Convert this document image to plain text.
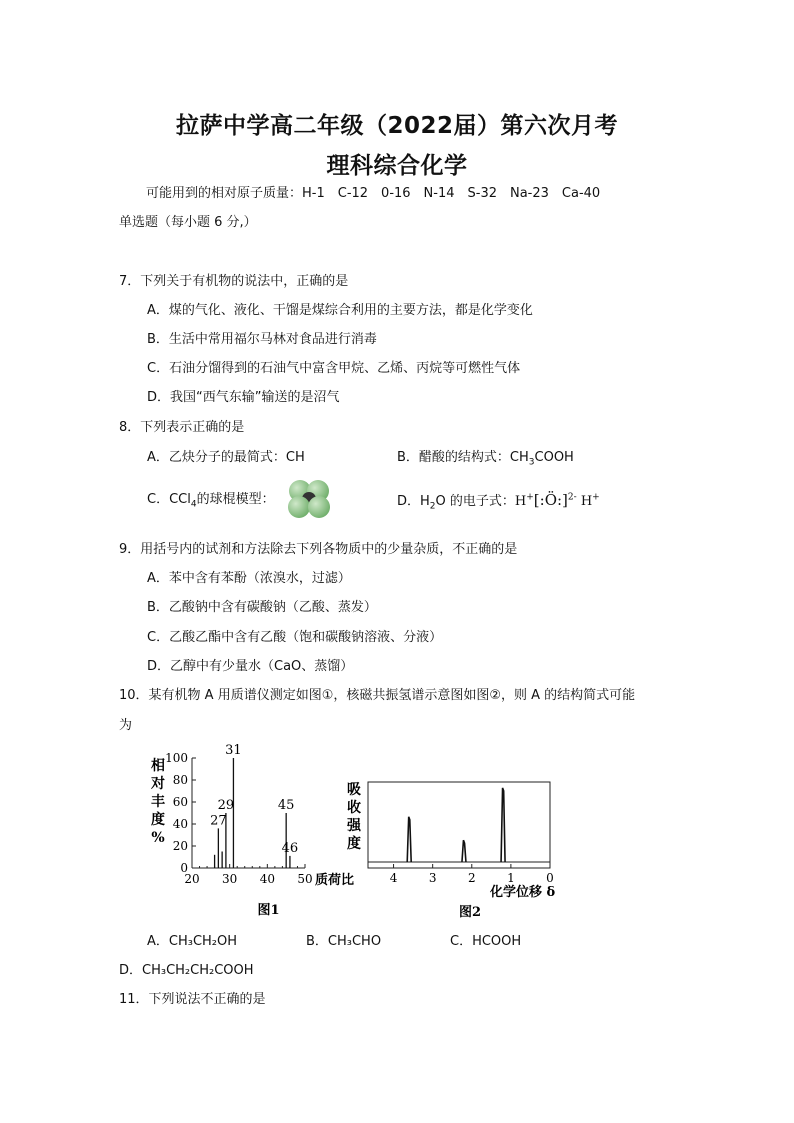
拉萨中学高二年级（2022届）第六次月考
理科综合化学
可能用到的相对原子质量：H-1　C-12　0-16　N-14　S-32　Na-23　Ca-40
单选题（每小题 6 分,）
7．下列关于有机物的说法中，正确的是
A．煤的气化、液化、干馏是煤综合利用的主要方法，都是化学变化
B．生活中常用福尔马林对食品进行消毒
C．石油分馏得到的石油气中富含甲烷、乙烯、丙烷等可燃性气体
D．我国“西气东输”输送的是沼气
8．下列表示正确的是
A．乙炔分子的最简式：CH	B．醋酸的结构式：$CH_3COOH$
C．CCl$_4$的球棍模型：	D．$H_2O$ 的电子式：H+[:Ö:]$^{2-}$ H+
9．用括号内的试剂和方法除去下列各物质中的少量杂质，不正确的是
A．苯中含有苯酚（浓溴水，过滤）
B．乙酸钠中含有碳酸钠（乙酸、蒸发）
C．乙酸乙酯中含有乙酸（饱和碳酸钠溶液、分液）
D．乙醇中有少量水（CaO、蒸馏）
10．某有机物 A 用质谱仪测定如图①，核磁共振氢谱示意图如图②，则 A 的结构简式可能
为
0
20
40
60
80
100
20 30 40 50
27
29
31
45
46
相
对
丰
度
%
质荷比
图1
4	3	2	1	0
吸
收
强
度
化学位移 δ
图2
A．CH₃CH₂OH	B．CH₃CHO	C．HCOOH
D．CH₃CH₂CH₂COOH
11．下列说法不正确的是
